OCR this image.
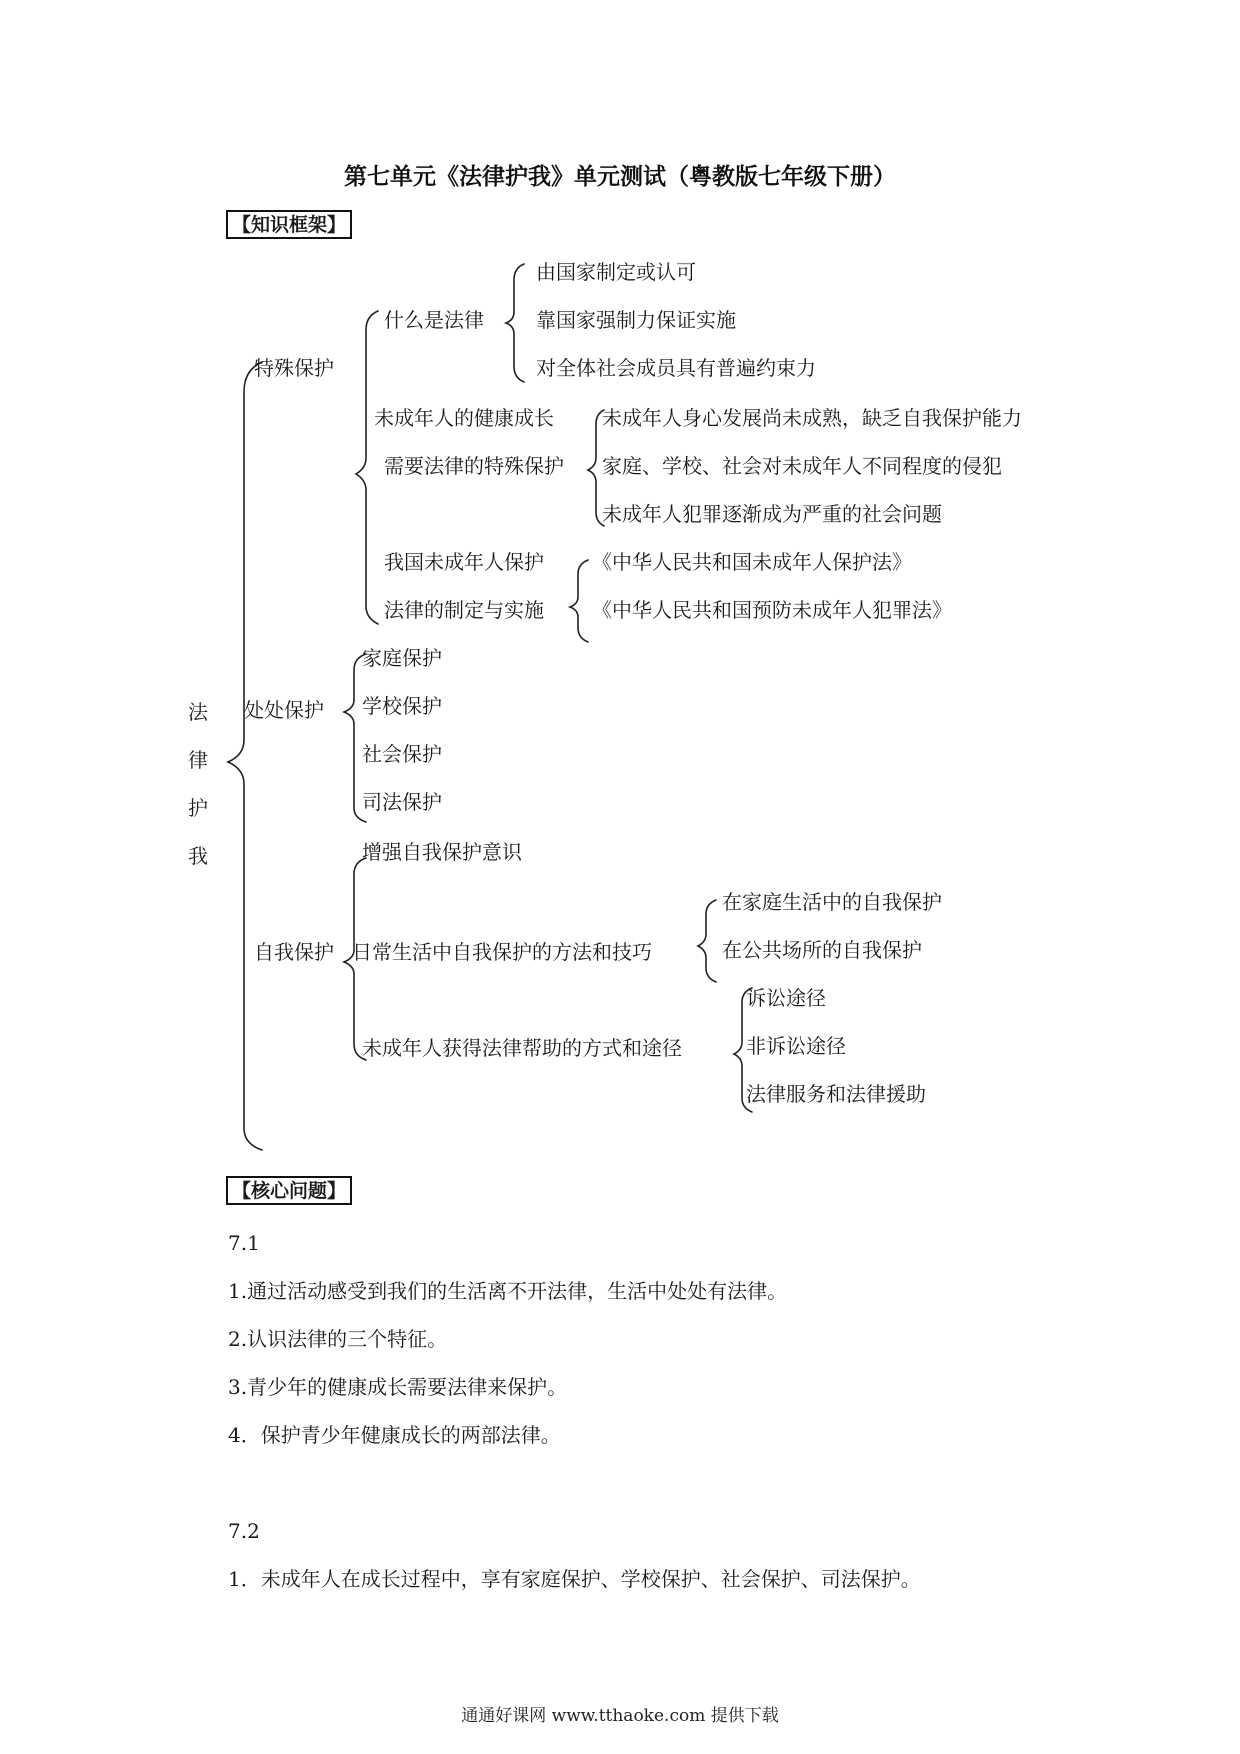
第七单元《法律护我》单元测试（粤教版七年级下册）
【知识框架】
法
律
护
我
特殊保护
什么是法律
由国家制定或认可
靠国家强制力保证实施
对全体社会成员具有普遍约束力
未成年人的健康成长
需要法律的特殊保护
未成年人身心发展尚未成熟，缺乏自我保护能力
家庭、学校、社会对未成年人不同程度的侵犯
未成年人犯罪逐渐成为严重的社会问题
我国未成年人保护
法律的制定与实施
《中华人民共和国未成年人保护法》
《中华人民共和国预防未成年人犯罪法》
处处保护
家庭保护
学校保护
社会保护
司法保护
自我保护
增强自我保护意识
日常生活中自我保护的方法和技巧
在家庭生活中的自我保护
在公共场所的自我保护
未成年人获得法律帮助的方式和途径
诉讼途径
非诉讼途径
法律服务和法律援助
【核心问题】
7.1
1.通过活动感受到我们的生活离不开法律，生活中处处有法律。
2.认识法律的三个特征。
3.青少年的健康成长需要法律来保护。
4．保护青少年健康成长的两部法律。
7.2
1．未成年人在成长过程中，享有家庭保护、学校保护、社会保护、司法保护。
通通好课网 www.tthaoke.com 提供下载
